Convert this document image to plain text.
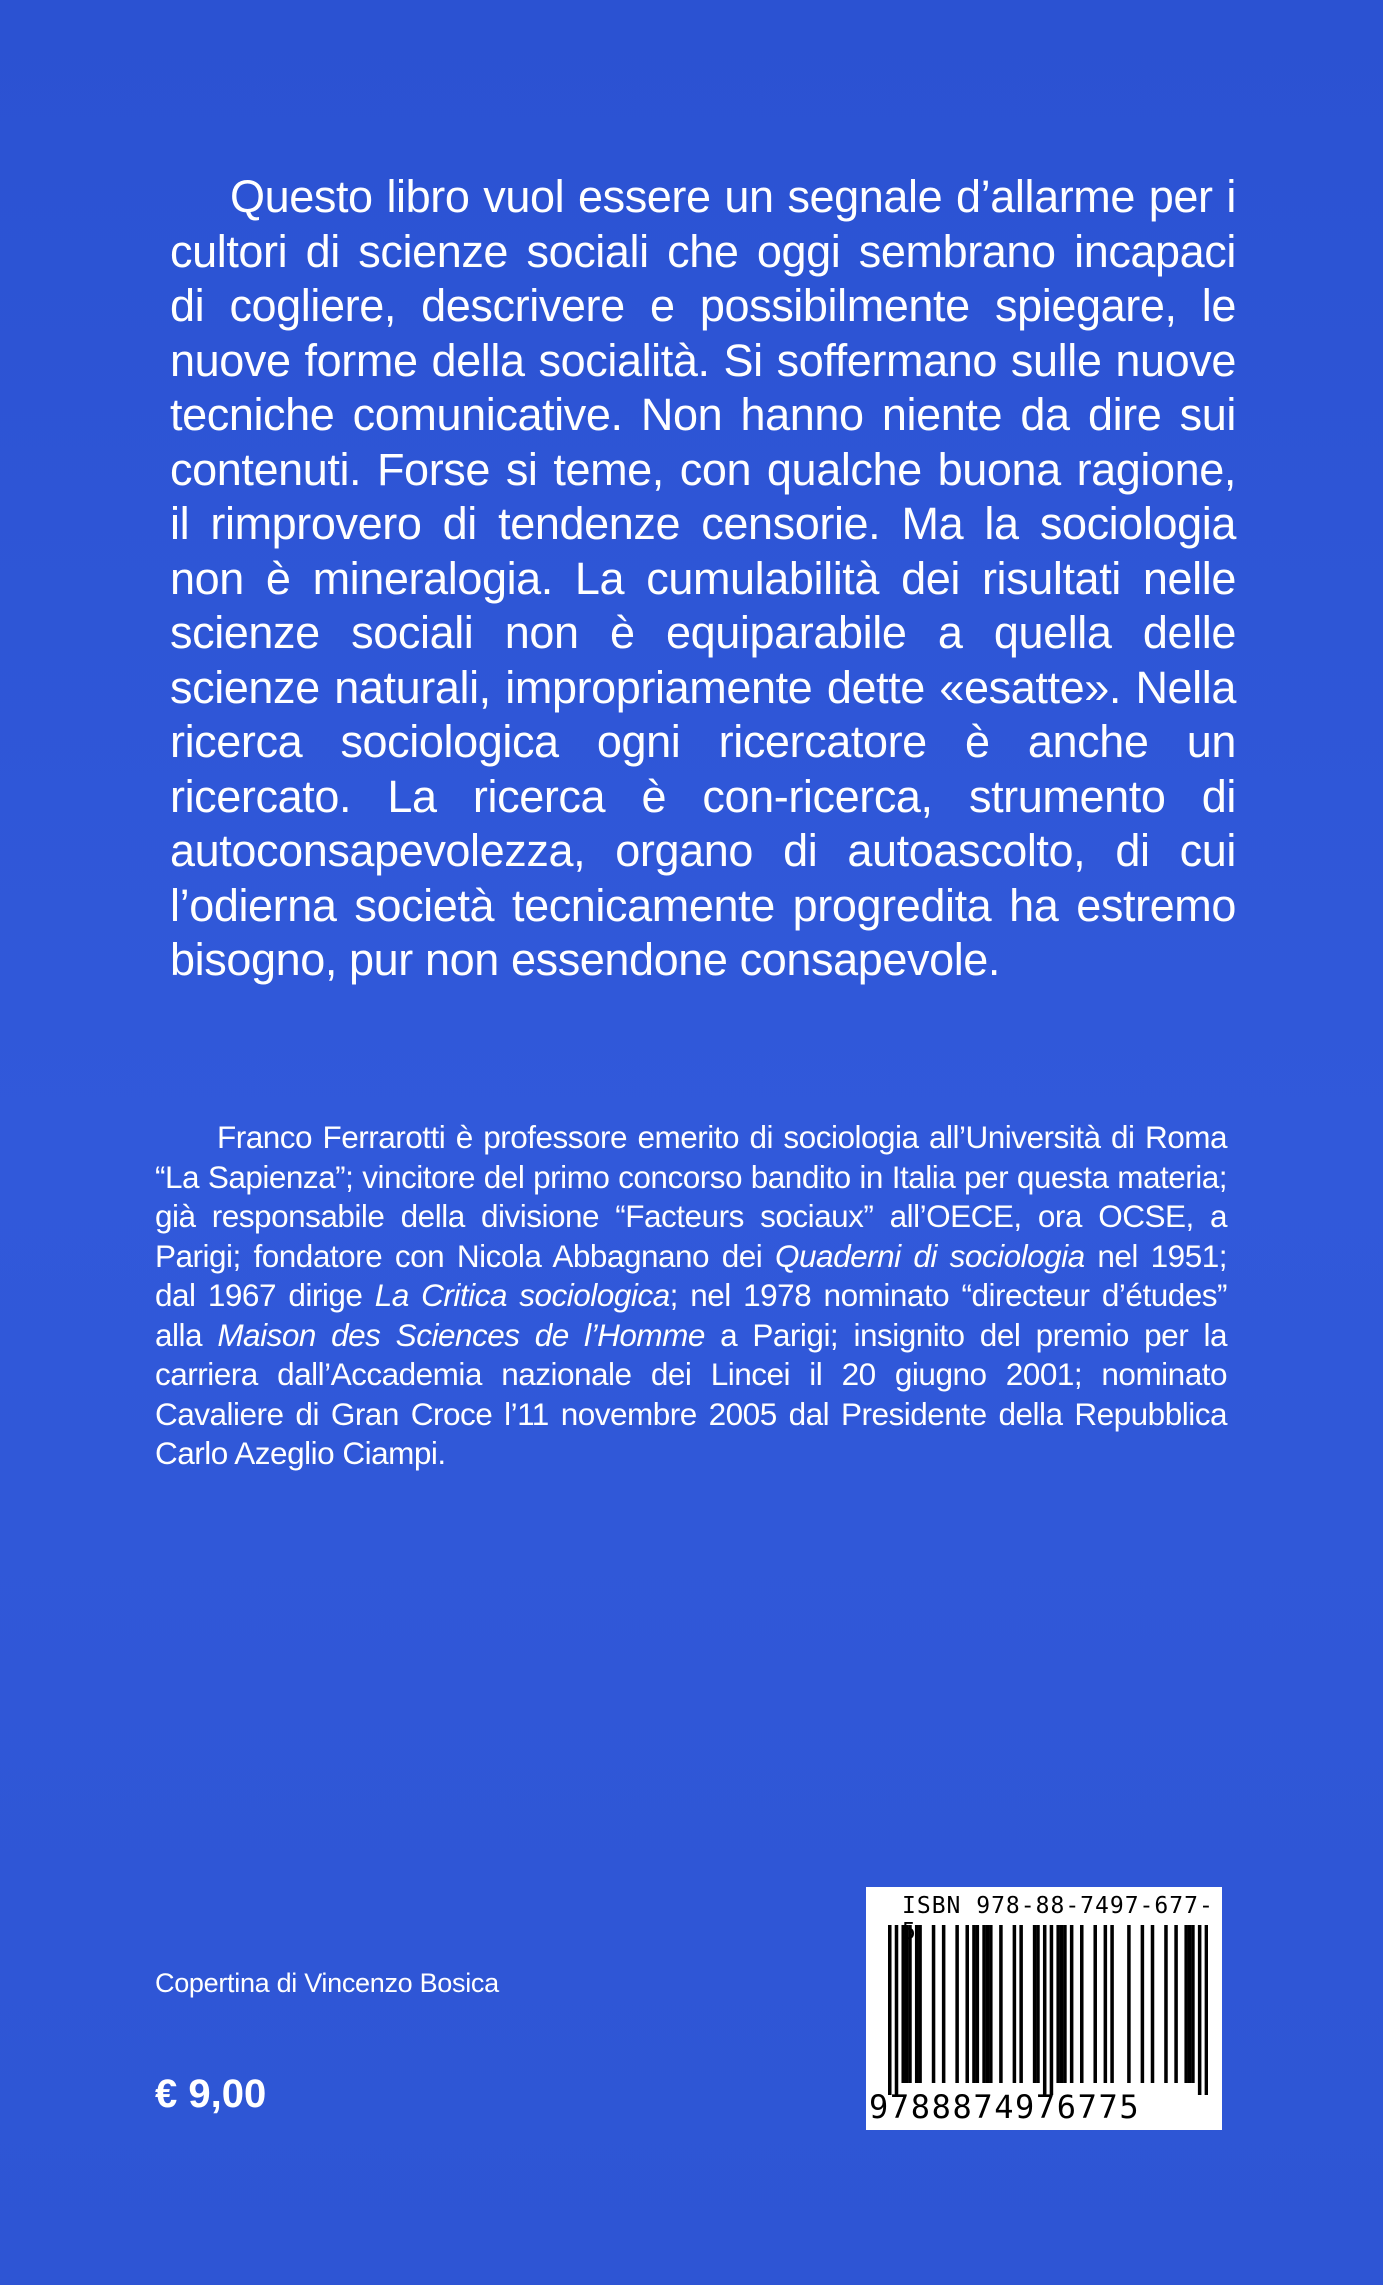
Questo libro vuol essere un segnale d’allarme per i cultori di scienze sociali che oggi sembrano incapaci di cogliere, descrivere e possibilmente spiegare, le nuove forme della socialità. Si soffermano sulle nuove tecniche comunicative. Non hanno niente da dire sui contenuti. Forse si teme, con qualche buona ragione, il rimprovero di tendenze censorie. Ma la sociologia non è mineralogia. La cumulabilità dei risultati nelle scienze sociali non è equiparabile a quella delle scienze naturali, impropriamente dette «esatte». Nella ricerca sociologica ogni ricercatore è anche un ricercato. La ricerca è con-ricerca, strumento di autoconsapevolezza, organo di autoascolto, di cui l’odierna società tecnicamente progredita ha estremo bisogno, pur non essendone consapevole.

Franco Ferrarotti è professore emerito di sociologia all’Università di Roma “La Sapienza”; vincitore del primo concorso bandito in Italia per questa materia; già responsabile della divisione “Facteurs sociaux” all’OECE, ora OCSE, a Parigi; fondatore con Nicola Abbagnano dei Quaderni di sociologia nel 1951; dal 1967 dirige La Critica sociologica; nel 1978 nominato “directeur d’études” alla Maison des Sciences de l’Homme a Parigi; insignito del premio per la carriera dall’Accademia nazionale dei Lincei il 20 giugno 2001; nominato Cavaliere di Gran Croce l’11 novembre 2005 dal Presidente della Repubblica Carlo Azeglio Ciampi.

Copertina di Vincenzo Bosica

€ 9,00

ISBN 978-88-7497-677-

9788874976775
